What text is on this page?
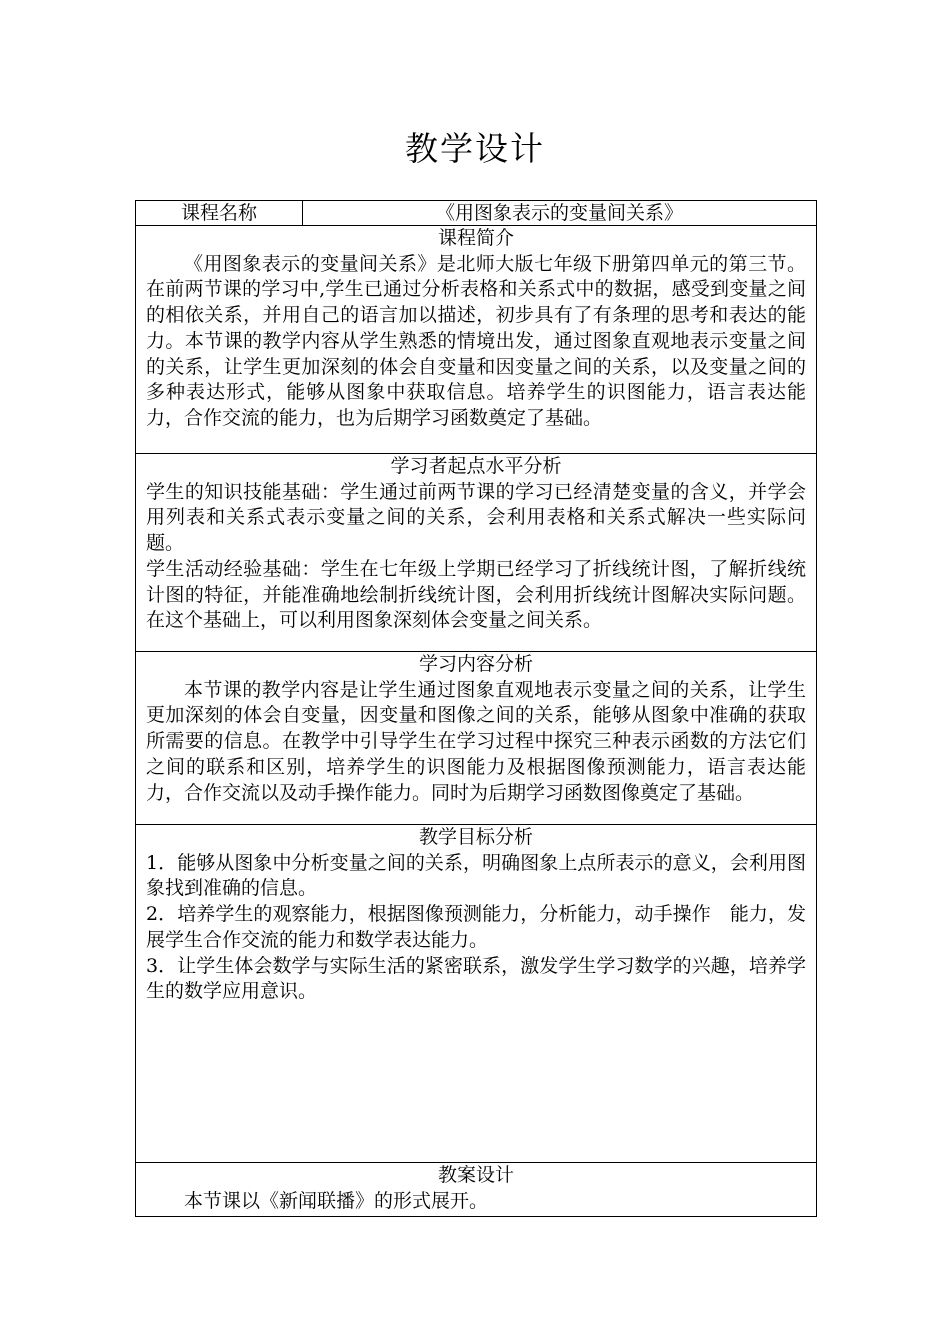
教学设计
课程名称	《用图象表示的变量间关系》

课程简介

《用图象表示的变量间关系》是北师大版七年级下册第四单元的第三节。在前两节课的学习中,学生已通过分析表格和关系式中的数据，感受到变量之间的相依关系，并用自己的语言加以描述，初步具有了有条理的思考和表达的能力。本节课的教学内容从学生熟悉的情境出发，通过图象直观地表示变量之间的关系，让学生更加深刻的体会自变量和因变量之间的关系，以及变量之间的多种表达形式，能够从图象中获取信息。培养学生的识图能力，语言表达能力，合作交流的能力，也为后期学习函数奠定了基础。

学习者起点水平分析

学生的知识技能基础：学生通过前两节课的学习已经清楚变量的含义，并学会用列表和关系式表示变量之间的关系，会利用表格和关系式解决一些实际问题。

学生活动经验基础：学生在七年级上学期已经学习了折线统计图，了解折线统计图的特征，并能准确地绘制折线统计图，会利用折线统计图解决实际问题。在这个基础上，可以利用图象深刻体会变量之间关系。

学习内容分析

本节课的教学内容是让学生通过图象直观地表示变量之间的关系，让学生更加深刻的体会自变量，因变量和图像之间的关系，能够从图象中准确的获取所需要的信息。在教学中引导学生在学习过程中探究三种表示函数的方法它们之间的联系和区别，培养学生的识图能力及根据图像预测能力，语言表达能力，合作交流以及动手操作能力。同时为后期学习函数图像奠定了基础。

教学目标分析

1．能够从图象中分析变量之间的关系，明确图象上点所表示的意义，会利用图象找到准确的信息。

2．培养学生的观察能力，根据图像预测能力，分析能力，动手操作　能力，发展学生合作交流的能力和数学表达能力。

3．让学生体会数学与实际生活的紧密联系，激发学生学习数学的兴趣，培养学生的数学应用意识。

教案设计

本节课以《新闻联播》的形式展开。
